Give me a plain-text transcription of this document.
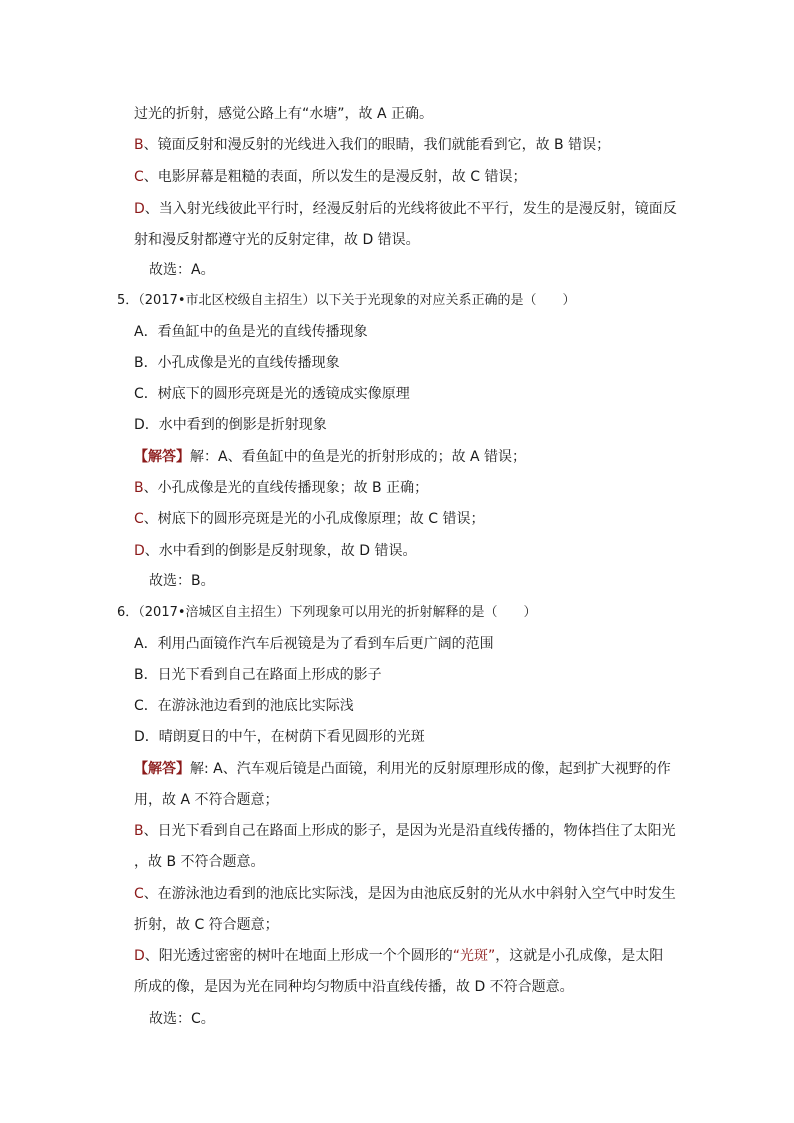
过光的折射，感觉公路上有“水塘”，故 A 正确。
B、镜面反射和漫反射的光线进入我们的眼睛，我们就能看到它，故 B 错误；
C、电影屏幕是粗糙的表面，所以发生的是漫反射，故 C 错误；
D、当入射光线彼此平行时，经漫反射后的光线将彼此不平行，发生的是漫反射，镜面反
射和漫反射都遵守光的反射定律，故 D 错误。
故选：A。
5．（2017•市北区校级自主招生）以下关于光现象的对应关系正确的是（　　）
A．看鱼缸中的鱼是光的直线传播现象
B．小孔成像是光的直线传播现象
C．树底下的圆形亮斑是光的透镜成实像原理
D．水中看到的倒影是折射现象
【解答】解：A、看鱼缸中的鱼是光的折射形成的；故 A 错误；
B、小孔成像是光的直线传播现象；故 B 正确；
C、树底下的圆形亮斑是光的小孔成像原理；故 C 错误；
D、水中看到的倒影是反射现象，故 D 错误。
故选：B。
6．（2017•涪城区自主招生）下列现象可以用光的折射解释的是（　　）
A．利用凸面镜作汽车后视镜是为了看到车后更广阔的范围
B．日光下看到自己在路面上形成的影子
C．在游泳池边看到的池底比实际浅
D．晴朗夏日的中午，在树荫下看见圆形的光斑
【解答】解: A、汽车观后镜是凸面镜，利用光的反射原理形成的像，起到扩大视野的作
用，故 A 不符合题意；
B、日光下看到自己在路面上形成的影子，是因为光是沿直线传播的，物体挡住了太阳光
，故 B 不符合题意。
C、在游泳池边看到的池底比实际浅，是因为由池底反射的光从水中斜射入空气中时发生
折射，故 C 符合题意；
D、阳光透过密密的树叶在地面上形成一个个圆形的“光斑”，这就是小孔成像，是太阳
所成的像，是因为光在同种均匀物质中沿直线传播，故 D 不符合题意。
故选：C。
